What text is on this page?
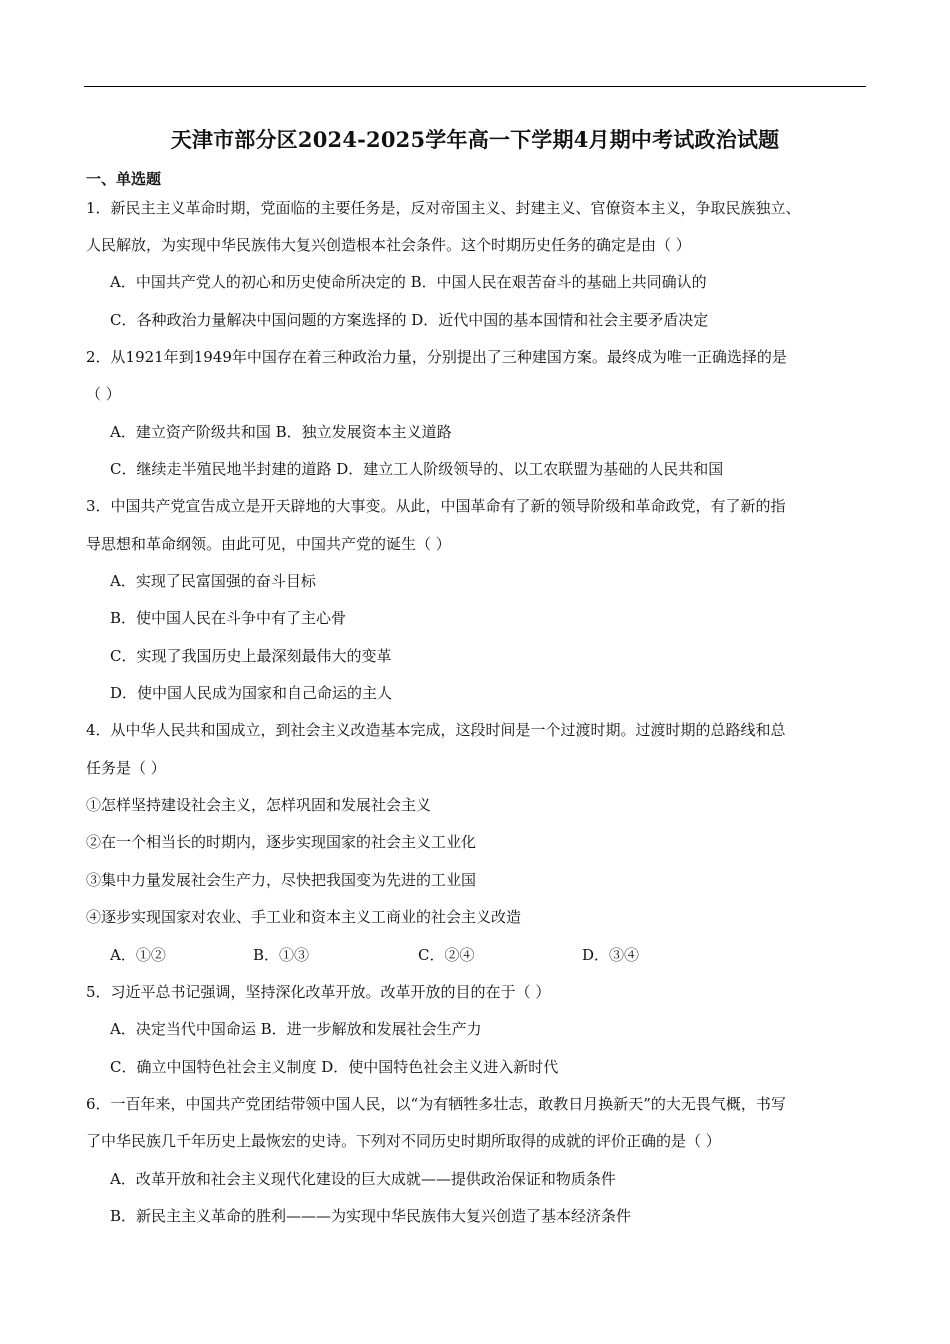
天津市部分区2024-2025学年高一下学期4月期中考试政治试题
一、单选题
1．新民主主义革命时期，党面临的主要任务是，反对帝国主义、封建主义、官僚资本主义，争取民族独立、
人民解放，为实现中华民族伟大复兴创造根本社会条件。这个时期历史任务的确定是由（ ）
A．中国共产党人的初心和历史使命所决定的 B．中国人民在艰苦奋斗的基础上共同确认的
C．各种政治力量解决中国问题的方案选择的 D．近代中国的基本国情和社会主要矛盾决定
2．从1921年到1949年中国存在着三种政治力量，分别提出了三种建国方案。最终成为唯一正确选择的是
（ ）
A．建立资产阶级共和国 B．独立发展资本主义道路
C．继续走半殖民地半封建的道路 D．建立工人阶级领导的、以工农联盟为基础的人民共和国
3．中国共产党宣告成立是开天辟地的大事变。从此，中国革命有了新的领导阶级和革命政党，有了新的指
导思想和革命纲领。由此可见，中国共产党的诞生（ ）
A．实现了民富国强的奋斗目标
B．使中国人民在斗争中有了主心骨
C．实现了我国历史上最深刻最伟大的变革
D．使中国人民成为国家和自己命运的主人
4．从中华人民共和国成立，到社会主义改造基本完成，这段时间是一个过渡时期。过渡时期的总路线和总
任务是（ ）
①怎样坚持建设社会主义，怎样巩固和发展社会主义
②在一个相当长的时期内，逐步实现国家的社会主义工业化
③集中力量发展社会生产力，尽快把我国变为先进的工业国
④逐步实现国家对农业、手工业和资本主义工商业的社会主义改造
A．①②	B．①③	C．②④	D．③④
5．习近平总书记强调，坚持深化改革开放。改革开放的目的在于（ ）
A．决定当代中国命运 B．进一步解放和发展社会生产力
C．确立中国特色社会主义制度 D．使中国特色社会主义进入新时代
6．一百年来，中国共产党团结带领中国人民，以“为有牺牲多壮志，敢教日月换新天”的大无畏气概，书写
了中华民族几千年历史上最恢宏的史诗。下列对不同历史时期所取得的成就的评价正确的是（ ）
A．改革开放和社会主义现代化建设的巨大成就——提供政治保证和物质条件
B．新民主主义革命的胜利———为实现中华民族伟大复兴创造了基本经济条件
